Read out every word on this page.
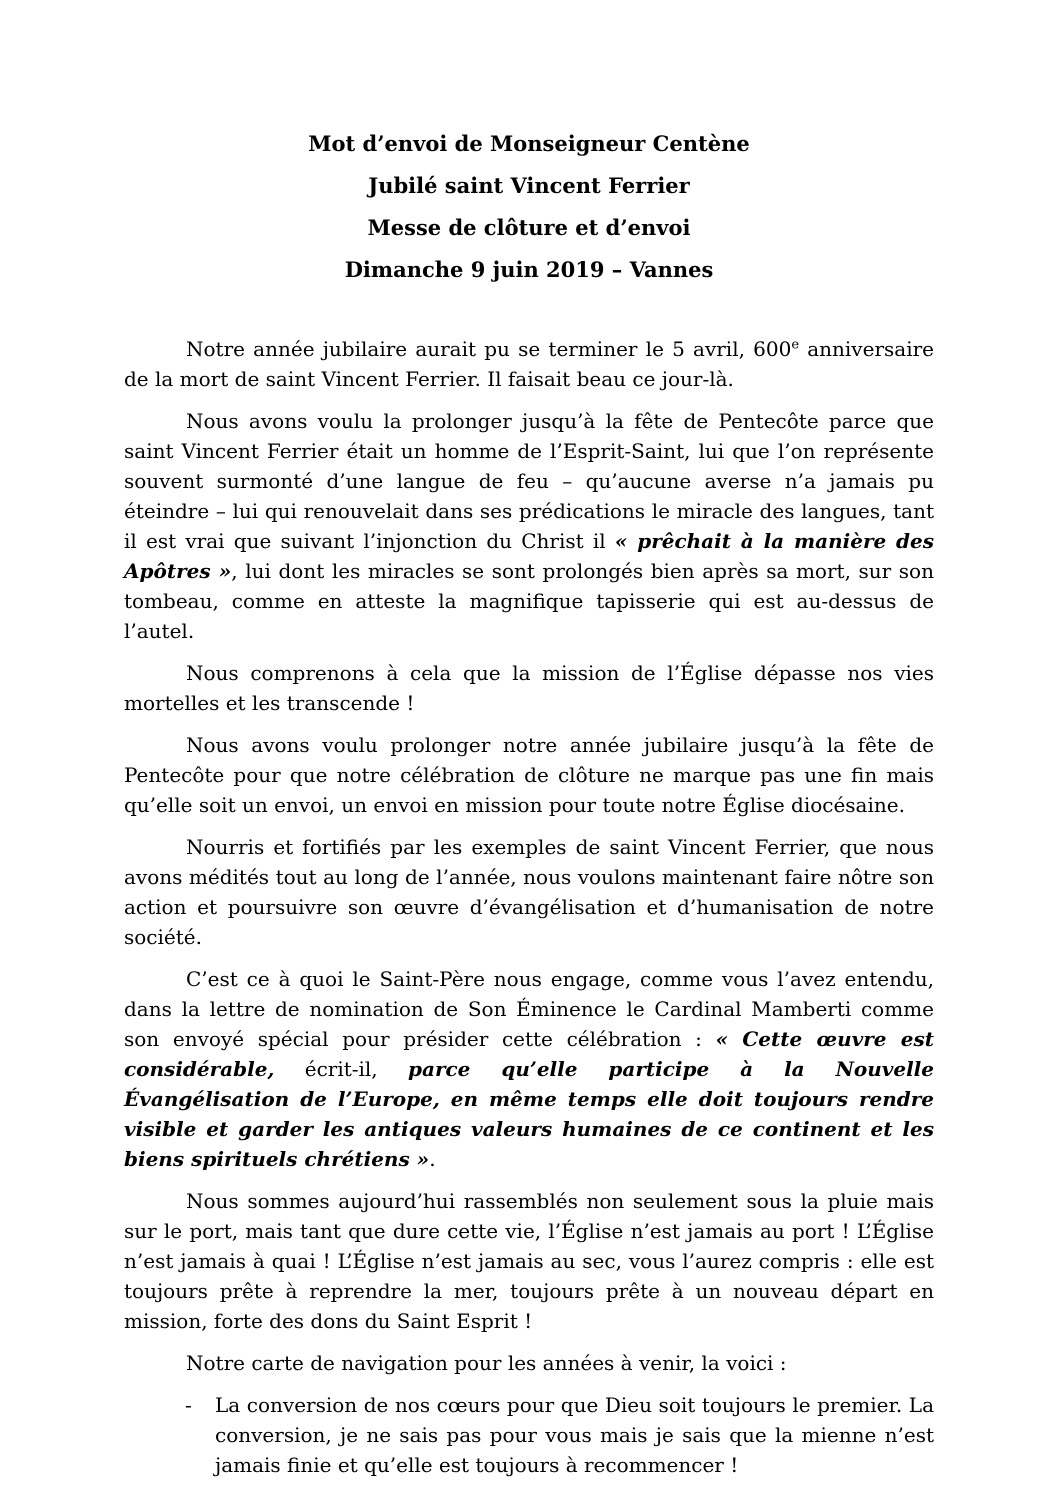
Mot d’envoi de Monseigneur Centène

Jubilé saint Vincent Ferrier

Messe de clôture et d’envoi

Dimanche 9 juin 2019 – Vannes

Notre année jubilaire aurait pu se terminer le 5 avril, 600e anniversaire de la mort de saint Vincent Ferrier. Il faisait beau ce jour-là.

Nous avons voulu la prolonger jusqu’à la fête de Pentecôte parce que saint Vincent Ferrier était un homme de l’Esprit-Saint, lui que l’on représente souvent surmonté d’une langue de feu – qu’aucune averse n’a jamais pu éteindre – lui qui renouvelait dans ses prédications le miracle des langues, tant il est vrai que suivant l’injonction du Christ il « prêchait à la manière des Apôtres », lui dont les miracles se sont prolongés bien après sa mort, sur son tombeau, comme en atteste la magnifique tapisserie qui est au-dessus de l’autel.

Nous comprenons à cela que la mission de l’Église dépasse nos vies mortelles et les transcende !

Nous avons voulu prolonger notre année jubilaire jusqu’à la fête de Pentecôte pour que notre célébration de clôture ne marque pas une fin mais qu’elle soit un envoi, un envoi en mission pour toute notre Église diocésaine.

Nourris et fortifiés par les exemples de saint Vincent Ferrier, que nous avons médités tout au long de l’année, nous voulons maintenant faire nôtre son action et poursuivre son œuvre d’évangélisation et d’humanisation de notre société.

C’est ce à quoi le Saint-Père nous engage, comme vous l’avez entendu, dans la lettre de nomination de Son Éminence le Cardinal Mamberti comme son envoyé spécial pour présider cette célébration : « Cette œuvre est considérable, écrit-il, parce qu’elle participe à la Nouvelle Évangélisation de l’Europe, en même temps elle doit toujours rendre visible et garder les antiques valeurs humaines de ce continent et les biens spirituels chrétiens ».

Nous sommes aujourd’hui rassemblés non seulement sous la pluie mais sur le port, mais tant que dure cette vie, l’Église n’est jamais au port ! L’Église n’est jamais à quai ! L’Église n’est jamais au sec, vous l’aurez compris : elle est toujours prête à reprendre la mer, toujours prête à un nouveau départ en mission, forte des dons du Saint Esprit !

Notre carte de navigation pour les années à venir, la voici :

-	La conversion de nos cœurs pour que Dieu soit toujours le premier. La conversion, je ne sais pas pour vous mais je sais que la mienne n’est jamais finie et qu’elle est toujours à recommencer !
